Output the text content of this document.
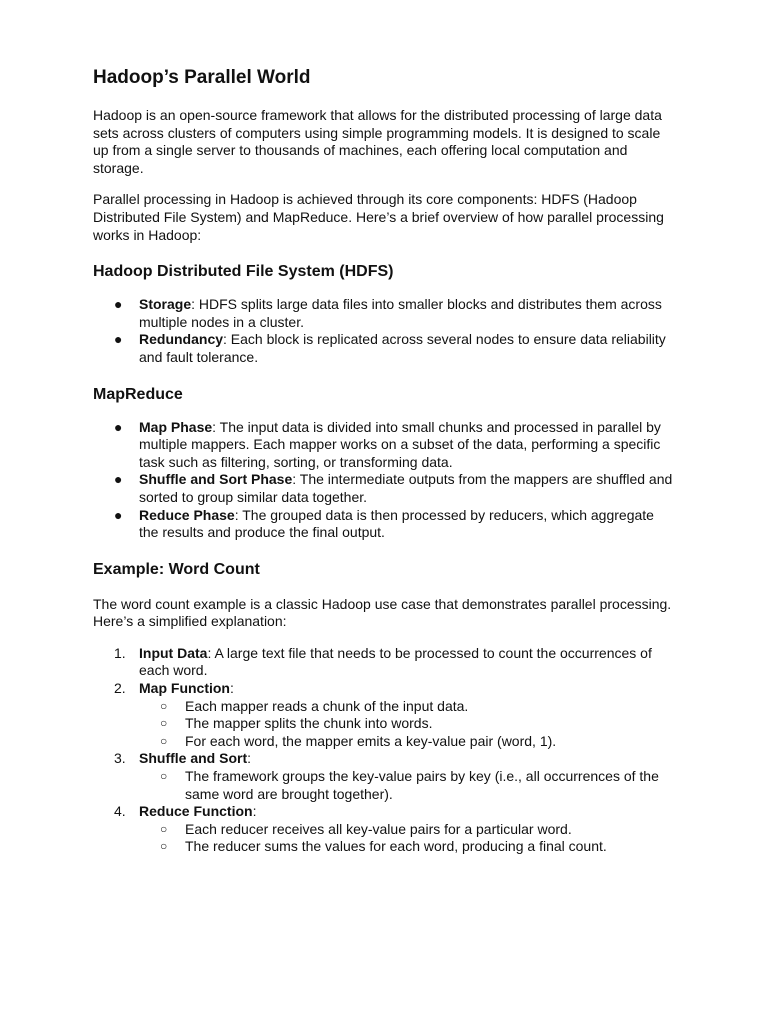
Hadoop’s Parallel World

Hadoop is an open-source framework that allows for the distributed processing of large data sets across clusters of computers using simple programming models. It is designed to scale up from a single server to thousands of machines, each offering local computation and storage.

Parallel processing in Hadoop is achieved through its core components: HDFS (Hadoop Distributed File System) and MapReduce. Here’s a brief overview of how parallel processing works in Hadoop:

Hadoop Distributed File System (HDFS)
● Storage: HDFS splits large data files into smaller blocks and distributes them across multiple nodes in a cluster.
● Redundancy: Each block is replicated across several nodes to ensure data reliability and fault tolerance.
MapReduce
● Map Phase: The input data is divided into small chunks and processed in parallel by multiple mappers. Each mapper works on a subset of the data, performing a specific task such as filtering, sorting, or transforming data.
● Shuffle and Sort Phase: The intermediate outputs from the mappers are shuffled and sorted to group similar data together.
● Reduce Phase: The grouped data is then processed by reducers, which aggregate the results and produce the final output.
Example: Word Count

The word count example is a classic Hadoop use case that demonstrates parallel processing. Here’s a simplified explanation:

1. Input Data: A large text file that needs to be processed to count the occurrences of each word.
2. Map Function:
○ Each mapper reads a chunk of the input data.
○ The mapper splits the chunk into words.
○ For each word, the mapper emits a key-value pair (word, 1).
3. Shuffle and Sort:
○ The framework groups the key-value pairs by key (i.e., all occurrences of the same word are brought together).
4. Reduce Function:
○ Each reducer receives all key-value pairs for a particular word.
○ The reducer sums the values for each word, producing a final count.
